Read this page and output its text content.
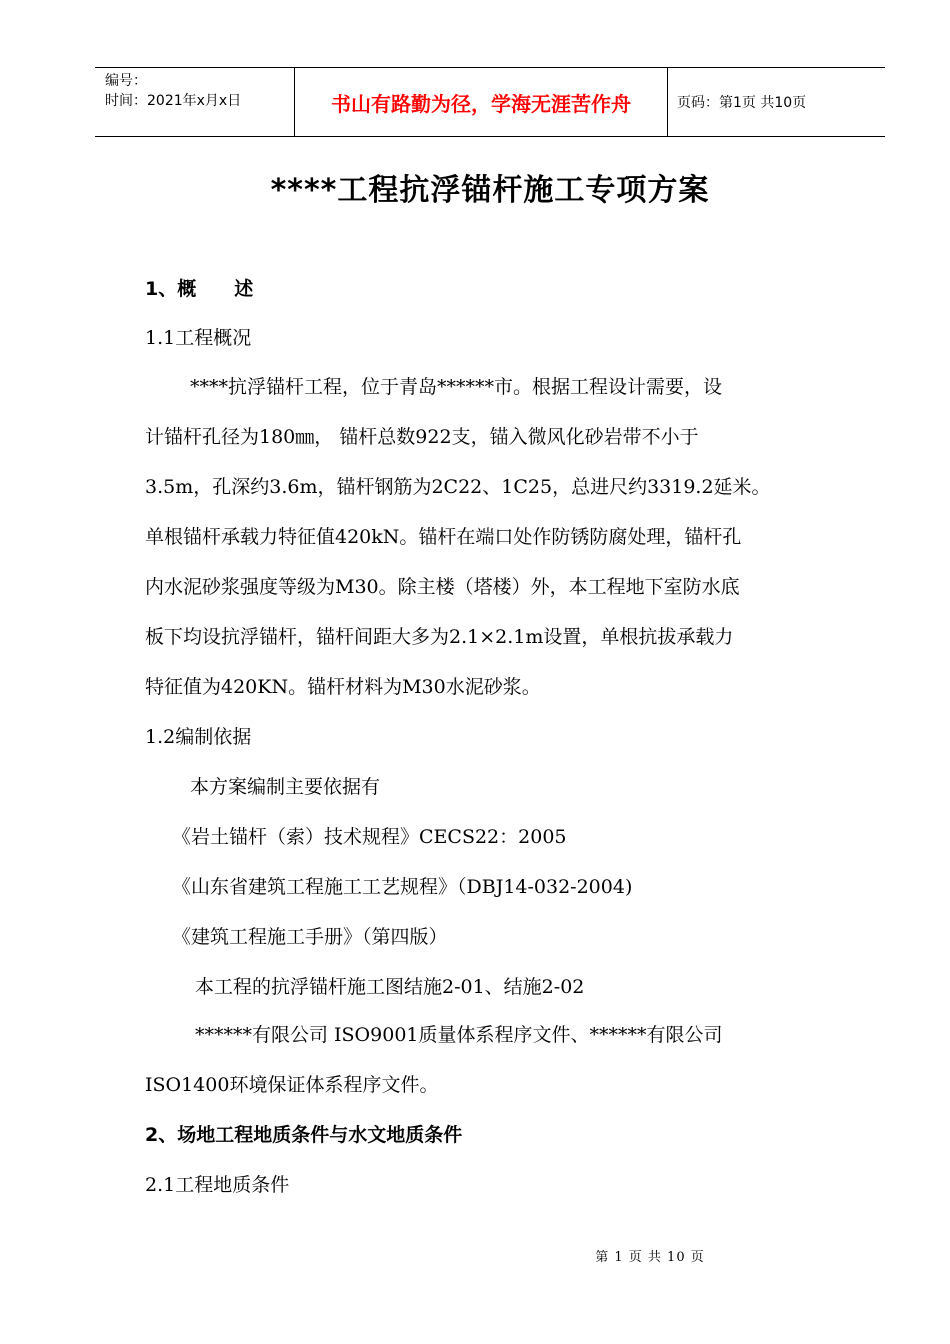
编号：
时间：2021年x月x日	书山有路勤为径，学海无涯苦作舟	页码：第1页 共10页
****工程抗浮锚杆施工专项方案
1、概　　述
1.1工程概况
****抗浮锚杆工程，位于青岛******市。根据工程设计需要，设
计锚杆孔径为180㎜， 锚杆总数922支，锚入微风化砂岩带不小于
3.5m，孔深约3.6m，锚杆钢筋为2C22、1C25，总进尺约3319.2延米。
单根锚杆承载力特征值420kN。锚杆在端口处作防锈防腐处理，锚杆孔
内水泥砂浆强度等级为M30。除主楼（塔楼）外，本工程地下室防水底
板下均设抗浮锚杆，锚杆间距大多为2.1×2.1m设置，单根抗拔承载力
特征值为420KN。锚杆材料为M30水泥砂浆。
1.2编制依据
本方案编制主要依据有
《岩土锚杆（索）技术规程》CECS22：2005
《山东省建筑工程施工工艺规程》（DBJ14-032-2004)
《建筑工程施工手册》（第四版）
本工程的抗浮锚杆施工图结施2-01、结施2-02
******有限公司 ISO9001质量体系程序文件、******有限公司
ISO1400环境保证体系程序文件。
2、场地工程地质条件与水文地质条件
2.1工程地质条件
第 1 页 共 10 页
